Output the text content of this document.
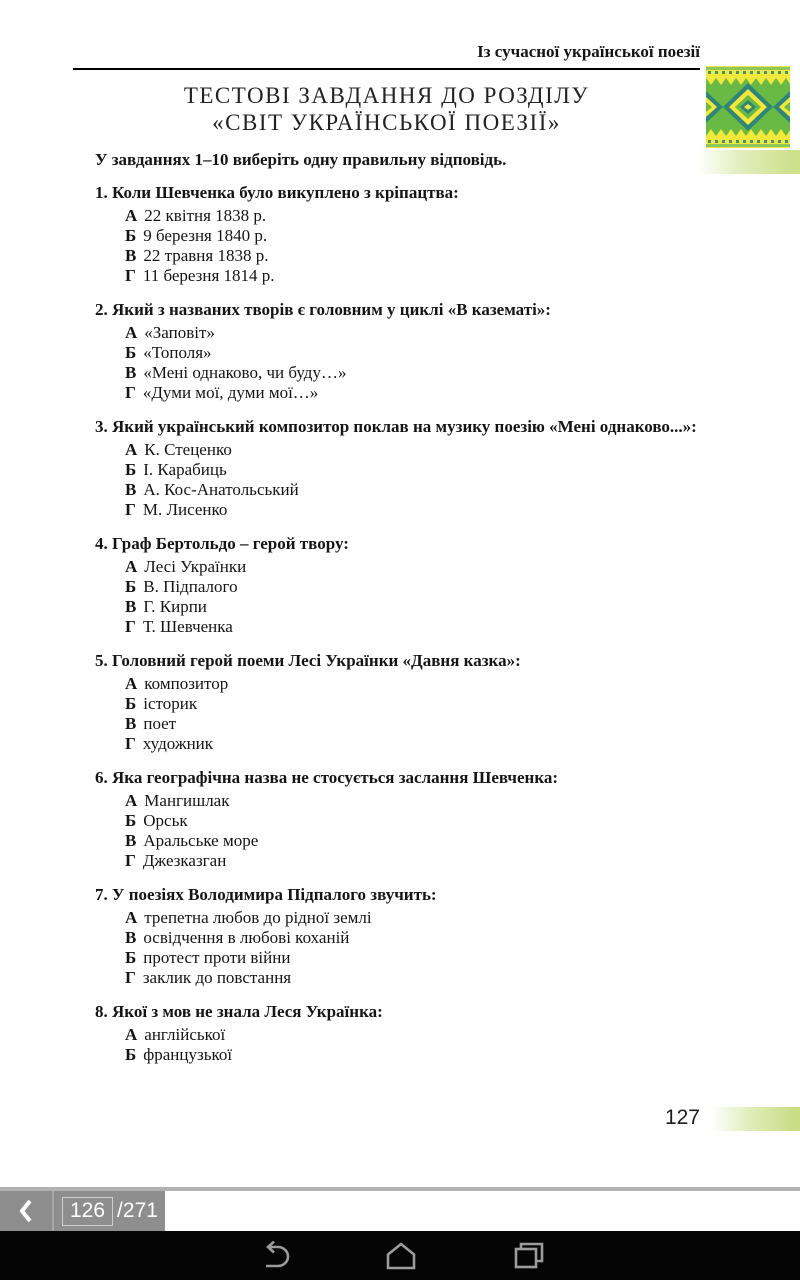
Із сучасної української поезії
ТЕСТОВІ ЗАВДАННЯ ДО РОЗДІЛУ
«СВІТ УКРАЇНСЬКОЇ ПОЕЗІЇ»
У завданнях 1–10 виберіть одну правильну відповідь.
1. Коли Шевченка було викуплено з кріпацтва:
А 22 квітня 1838 р.
Б 9 березня 1840 р.
В 22 травня 1838 р.
Г 11 березня 1814 р.
2. Який з названих творів є головним у циклі «В казематі»:
А «Заповіт»
Б «Тополя»
В «Мені однаково, чи буду…»
Г «Думи мої, думи мої…»
3. Який український композитор поклав на музику поезію «Мені однаково...»:
А К. Стеценко
Б І. Карабиць
В А. Кос-Анатольський
Г М. Лисенко
4. Граф Бертольдо – герой твору:
А Лесі Українки
Б В. Підпалого
В Г. Кирпи
Г Т. Шевченка
5. Головний герой поеми Лесі Українки «Давня казка»:
А композитор
Б історик
В поет
Г художник
6. Яка географічна назва не стосується заслання Шевченка:
А Мангишлак
Б Орськ
В Аральське море
Г Джезказган
7. У поезіях Володимира Підпалого звучить:
А трепетна любов до рідної землі
В освідчення в любові коханій
Б протест проти війни
Г заклик до повстання
8. Якої з мов не знала Леся Українка:
А англійської
Б французької
127
126 / 271
